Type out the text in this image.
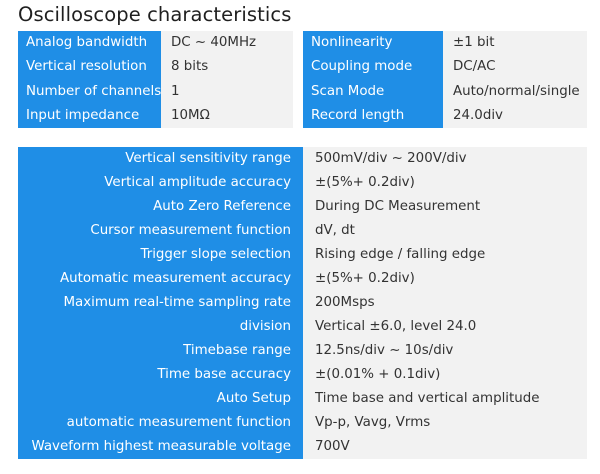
Oscilloscope characteristics
Analog bandwidth	DC ~ 40MHz
Vertical resolution	8 bits
Number of channels 1
Input impedance	10MΩ
Nonlinearity	±1 bit
Coupling mode	DC/AC
Scan Mode	Auto/normal/single
Record length	24.0div
Vertical sensitivity range	500mV/div ~ 200V/div
Vertical amplitude accuracy	±(5%+ 0.2div)
Auto Zero Reference	During DC Measurement
Cursor measurement function	dV, dt
Trigger slope selection	Rising edge / falling edge
Automatic measurement accuracy	±(5%+ 0.2div)
Maximum real-time sampling rate	200Msps
division	Vertical ±6.0, level 24.0
Timebase range	12.5ns/div ~ 10s/div
Time base accuracy	±(0.01% + 0.1div)
Auto Setup	Time base and vertical amplitude
automatic measurement function	Vp-p, Vavg, Vrms
Waveform highest measurable voltage	700V
